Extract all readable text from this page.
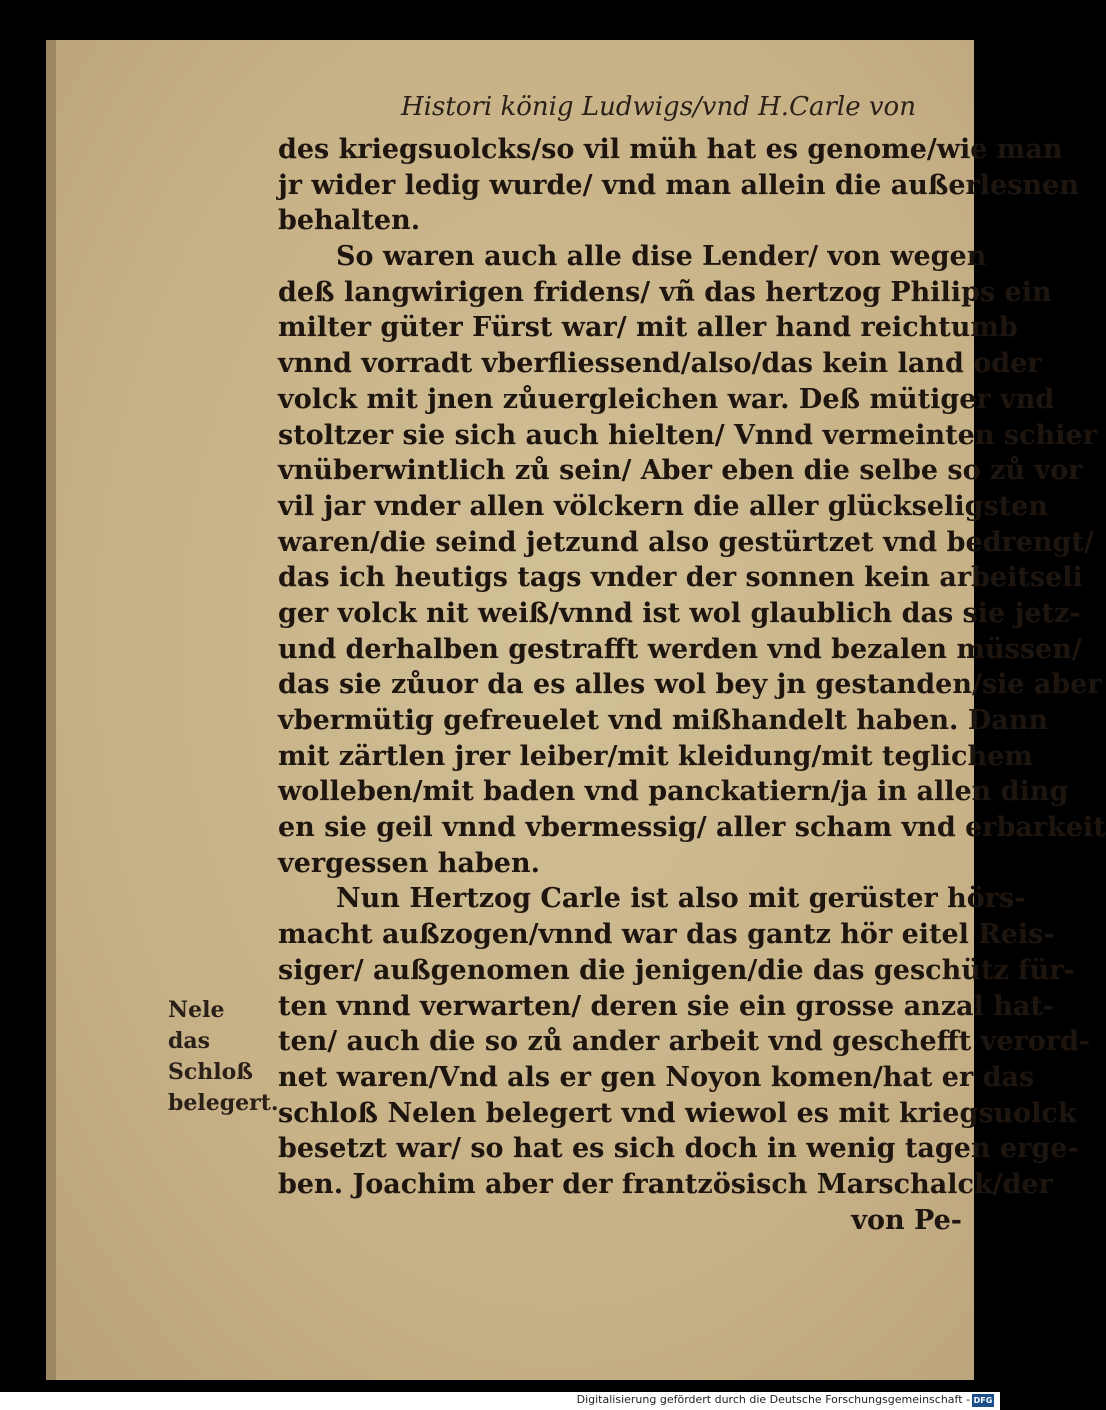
Histori könig Ludwigs/vnd H.Carle von
des kriegsuolcks/so vil müh hat es genome/wie man
jr wider ledig wurde/ vnd man allein die außerlesnen
behalten.
So waren auch alle dise Lender/ von wegen
deß langwirigen fridens/ vñ das hertzog Philips ein
milter güter Fürst war/ mit aller hand reichtumb
vnnd vorradt vberfliessend/also/das kein land oder
volck mit jnen zůuergleichen war. Deß mütiger vnd
stoltzer sie sich auch hielten/ Vnnd vermeinten schier
vnüberwintlich zů sein/ Aber eben die selbe so zů vor
vil jar vnder allen völckern die aller glückseligsten
waren/die seind jetzund also gestürtzet vnd bedrengt/
das ich heutigs tags vnder der sonnen kein arbeitseli
ger volck nit weiß/vnnd ist wol glaublich das sie jetz-
und derhalben gestrafft werden vnd bezalen müssen/
das sie zůuor da es alles wol bey jn gestanden/sie aber
vbermütig gefreuelet vnd mißhandelt haben. Dann
mit zärtlen jrer leiber/mit kleidung/mit teglichem
wolleben/mit baden vnd panckatiern/ja in allen ding
en sie geil vnnd vbermessig/ aller scham vnd erbarkeit
vergessen haben.
Nun Hertzog Carle ist also mit gerüster hörs-
macht außzogen/vnnd war das gantz hör eitel Reis-
siger/ außgenomen die jenigen/die das geschütz für-
ten vnnd verwarten/ deren sie ein grosse anzal hat-
ten/ auch die so zů ander arbeit vnd geschefft verord-
net waren/Vnd als er gen Noyon komen/hat er das
schloß Nelen belegert vnd wiewol es mit kriegsuolck
besetzt war/ so hat es sich doch in wenig tagen erge-
ben. Joachim aber der frantzösisch Marschalck/der
von Pe-
Nele das
Schloß
belegert.
Digitalisierung gefördert durch die Deutsche Forschungsgemeinschaft - DFG
